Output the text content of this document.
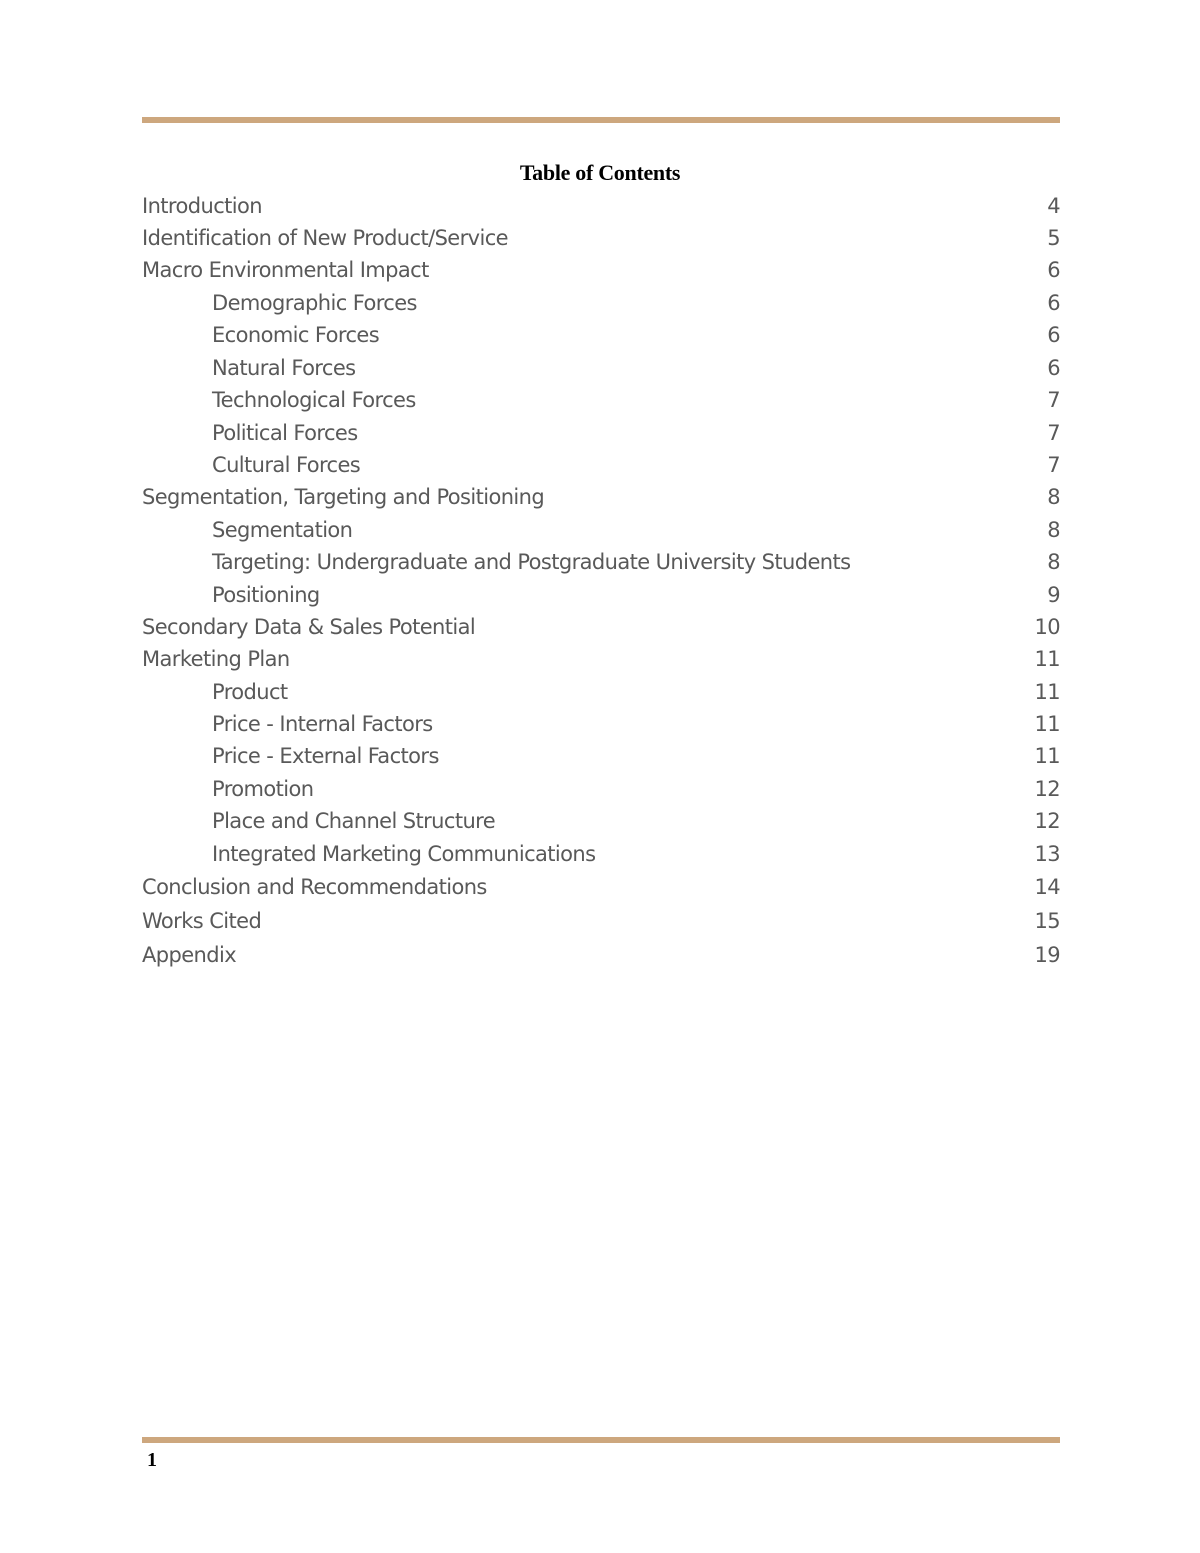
Table of Contents
Introduction	4
Identification of New Product/Service	5
Macro Environmental Impact	6
Demographic Forces	6
Economic Forces	6
Natural Forces	6
Technological Forces	7
Political Forces	7
Cultural Forces	7
Segmentation, Targeting and Positioning	8
Segmentation	8
Targeting: Undergraduate and Postgraduate University Students	8
Positioning	9
Secondary Data & Sales Potential	10
Marketing Plan	11
Product	11
Price - Internal Factors	11
Price - External Factors	11
Promotion	12
Place and Channel Structure	12
Integrated Marketing Communications	13
Conclusion and Recommendations	14
Works Cited	15
Appendix	19
1
